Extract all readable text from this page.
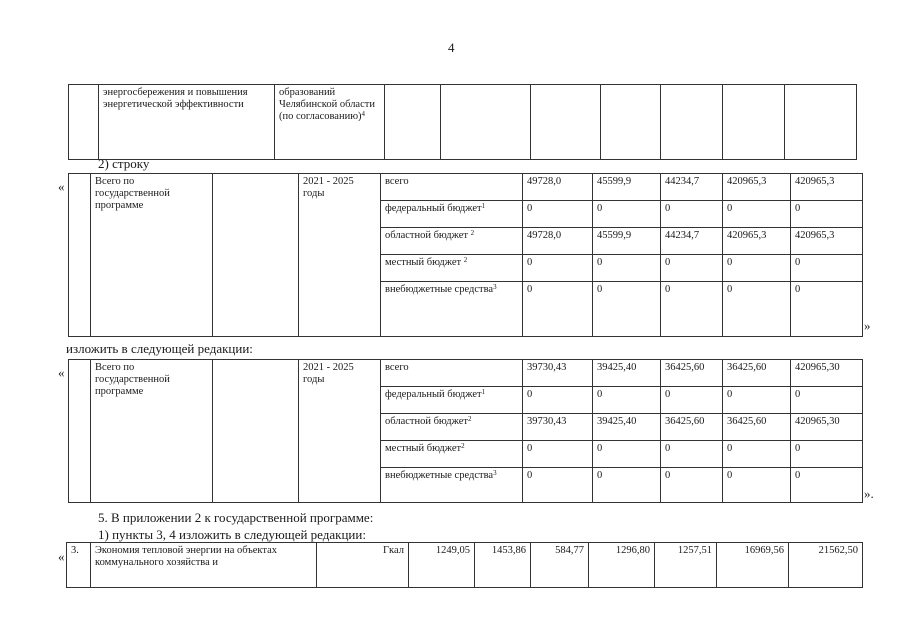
4
	энергосбережения и повышения энергетической эффективности	образований Челябинской области (по согласованию)$^4$							
2) строку
«
		Всего по государственной программе		2021 - 2025 годы	всего	49728,0	45599,9	44234,7	420965,3	420965,3
				федеральный бюджет$^1$	0	0	0	0	0
				областной бюджет $^2$	49728,0	45599,9	44234,7	420965,3	420965,3
				местный бюджет $^2$	0	0	0	0	0
				внебюджетные средства$^3$	0	0	0	0	0
»
изложить в следующей редакции:
«
		Всего по государственной программе		2021 - 2025 годы	всего	39730,43	39425,40	36425,60	36425,60	420965,30
				федеральный бюджет$^1$	0	0	0	0	0
				областной бюджет$^2$	39730,43	39425,40	36425,60	36425,60	420965,30
				местный бюджет$^2$	0	0	0	0	0
				внебюджетные средства$^3$	0	0	0	0	0
».
5. В приложении 2 к государственной программе:
1) пункты 3, 4 изложить в следующей редакции:
« 3.	Экономия тепловой энергии на объектах коммунального хозяйства и	Гкал	1249,05	1453,86	584,77	1296,80	1257,51	16969,56	21562,50
